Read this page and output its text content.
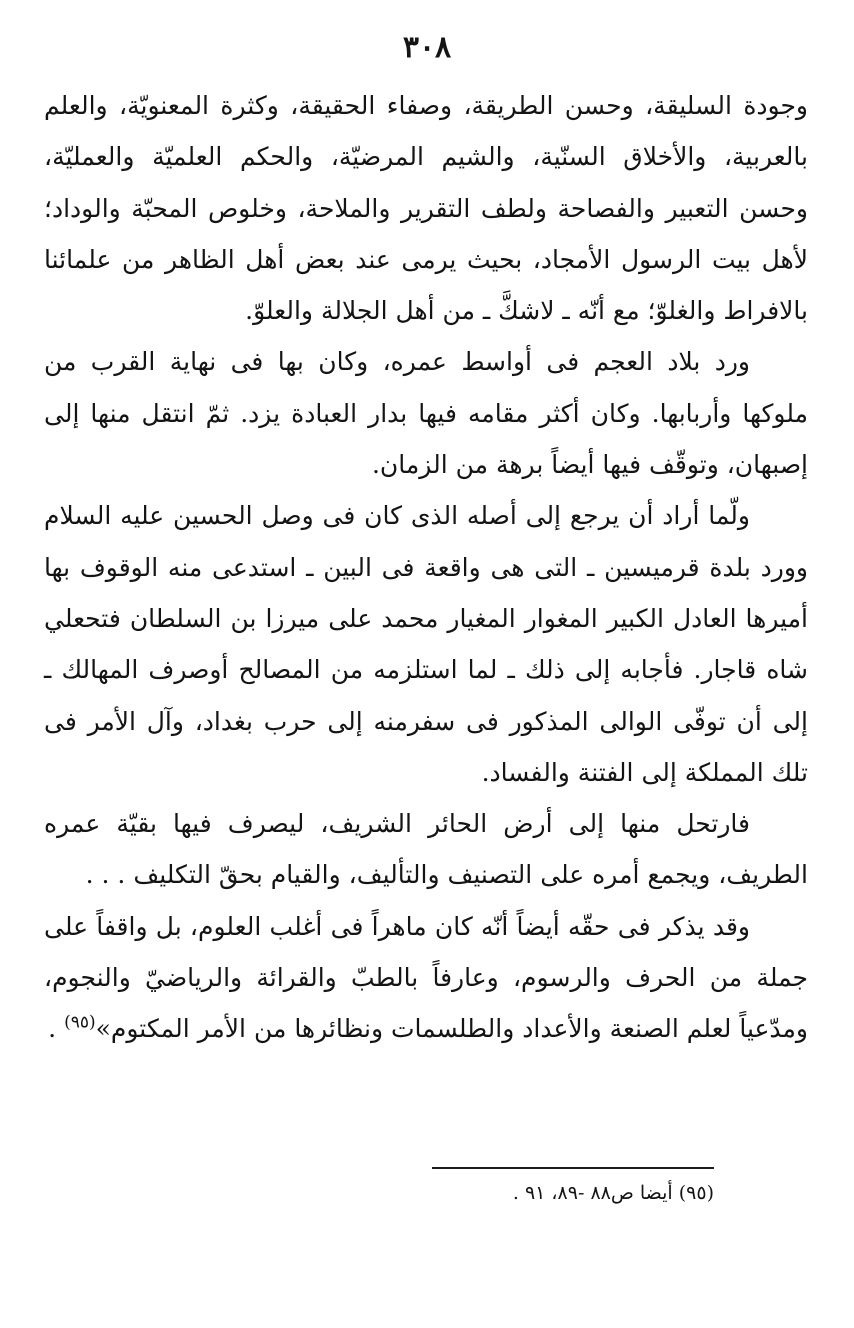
٣٠٨

وجودة السليقة، وحسن الطريقة، وصفاء الحقيقة، وكثرة المعنويّة، والعلم بالعربية، والأخلاق السنّية، والشيم المرضيّة، والحكم العلميّة والعمليّة، وحسن التعبير والفصاحة ولطف التقرير والملاحة، وخلوص المحبّة والوداد؛ لأهل بيت الرسول الأمجاد، بحيث يرمى عند بعض أهل الظاهر من علمائنا بالافراط والغلوّ؛ مع أنّه ـ لاشكَّ ـ من أهل الجلالة والعلوّ.

ورد بلاد العجم فى أواسط عمره، وكان بها فى نهاية القرب من ملوكها وأربابها. وكان أكثر مقامه فيها بدار العبادة يزد. ثمّ انتقل منها إلى إصبهان، وتوقّف فيها أيضاً برهة من الزمان.

ولّما أراد أن يرجع إلى أصله الذى كان فى وصل الحسين عليه السلام وورد بلدة قرميسين ـ التى هى واقعة فى البين ـ استدعى منه الوقوف بها أميرها العادل الكبير المغوار المغيار محمد على ميرزا بن السلطان فتحعلي شاه قاجار. فأجابه إلى ذلك ـ لما استلزمه من المصالح أوصرف المهالك ـ إلى أن توفّى الوالى المذكور فى سفرمنه إلى حرب بغداد، وآل الأمر فى تلك المملكة إلى الفتنة والفساد.

فارتحل منها إلى أرض الحائر الشريف، ليصرف فيها بقيّة عمره الطريف، ويجمع أمره على التصنيف والتأليف، والقيام بحقّ التكليف . . .

وقد يذكر فى حقّه أيضاً أنّه كان ماهراً فى أغلب العلوم، بل واقفاً على جملة من الحرف والرسوم، وعارفاً بالطبّ والقرائة والرياضيّ والنجوم، ومدّعياً لعلم الصنعة والأعداد والطلسمات ونظائرها من الأمر المكتوم»$^{(٩٥)}$ .

(٩٥) أيضا ص٨٨ -٨٩، ٩١ .
